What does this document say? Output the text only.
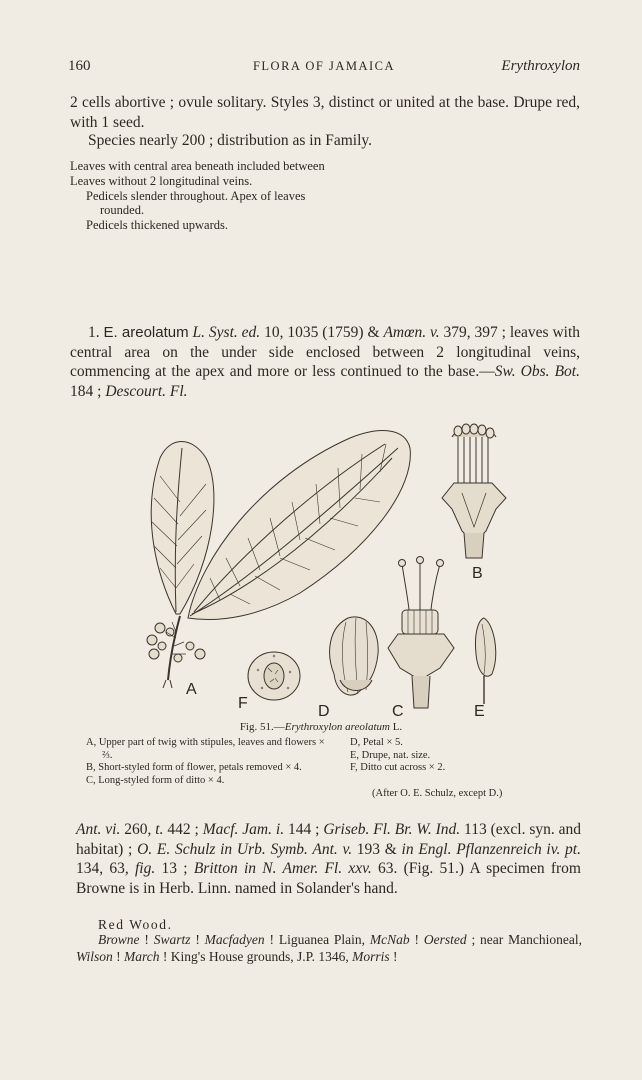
160	FLORA OF JAMAICA	Erythroxylon

2 cells abortive ; ovule solitary. Styles 3, distinct or united at the base. Drupe red, with 1 seed.

Species nearly 200 ; distribution as in Family.

Leaves with central area beneath included between
Leaves without 2 longitudinal veins.
Pedicels slender throughout. Apex of leaves
rounded.
Pedicels thickened upwards.

1. E. areolatum L. Syst. ed. 10, 1035 (1759) & Amœn. v. 379, 397 ; leaves with central area on the under side enclosed between 2 longitudinal veins, commencing at the apex and more or less continued to the base.—Sw. Obs. Bot. 184 ; Descourt. Fl.

A
B
C
D	E
F
Fig. 51.—Erythroxylon areolatum L.
A, Upper part of twig with stipules, leaves and flowers × ⅔.
B, Short-styled form of flower, petals removed × 4.
C, Long-styled form of ditto × 4.
D, Petal × 5.
E, Drupe, nat. size.
F, Ditto cut across × 2.
(After O. E. Schulz, except D.)

Ant. vi. 260, t. 442 ; Macf. Jam. i. 144 ; Griseb. Fl. Br. W. Ind. 113 (excl. syn. and habitat) ; O. E. Schulz in Urb. Symb. Ant. v. 193 & in Engl. Pflanzenreich iv. pt. 134, 63, fig. 13 ; Britton in N. Amer. Fl. xxv. 63. (Fig. 51.) A specimen from Browne is in Herb. Linn. named in Solander's hand.

Red Wood.

Browne ! Swartz ! Macfadyen ! Liguanea Plain, McNab ! Oersted ; near Manchioneal, Wilson ! March ! King's House grounds, J.P. 1346, Morris !
